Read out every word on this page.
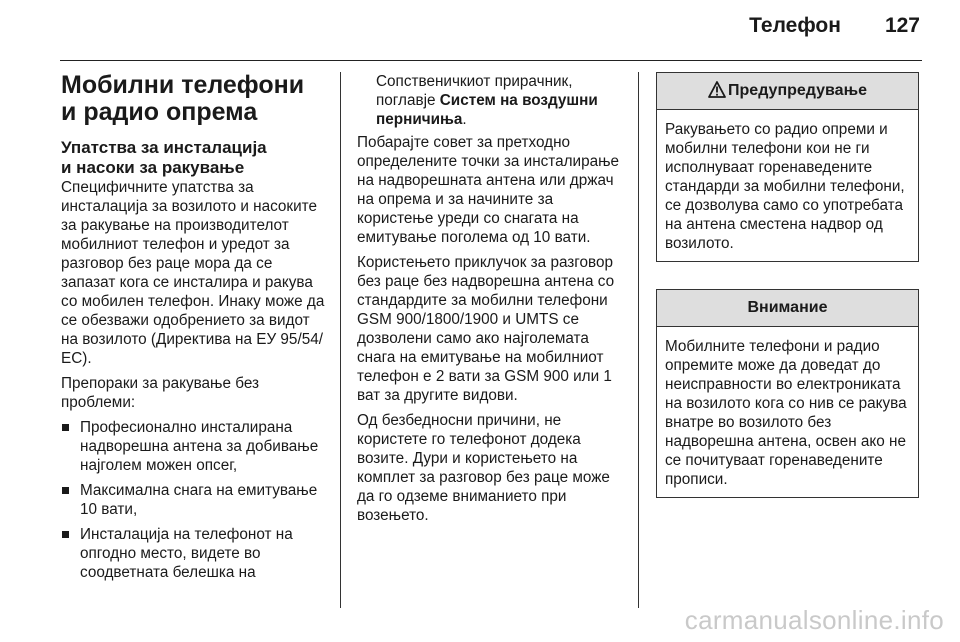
Телефон 127
Мобилни телефони
и радио опрема
Упатства за инсталација
и насоки за ракување

Специфичните упатства за инсталација за возилото и насоките за ракување на производителот мобилниот телефон и уредот за разговор без раце мора да се запазат кога се инсталира и ракува со мобилен телефон. Инаку може да се обезважи одобрението за видот на возилото (Директива на ЕУ 95/54/ЕС).

Препораки за ракување без проблеми:

Професионално инсталирана надворешна антена за добивање најголем можен опсег,
Максимална снага на емитување 10 вати,
Инсталација на телефонот на опгодно место, видете во соодветната белешка на
Сопственичкиот прирачник, поглавје Систем на воздушни перничиња.

Побарајте совет за претходно определените точки за инсталирање на надворешната антена или држач на опрема и за начините за користење уреди со снагата на емитување поголема од 10 вати.

Користењето приклучок за разговор без раце без надворешна антена со стандардите за мобилни телефони GSM 900/1800/1900 и UMTS се дозволени само ако најголемата снага на емитување на мобилниот телефон е 2 вати за GSM 900 или 1 ват за другите видови.

Од безбедносни причини, не користете го телефонот додека возите. Дури и користењето на комплет за разговор без раце може да го одземе вниманието при возењето.

Предупредување
Ракувањето со радио опреми и мобилни телефони кои не ги исполнуваат горенаведените стандарди за мобилни телефони, се дозволува само со употребата на антена сместена надвор од возилото.
Внимание
Мобилните телефони и радио опремите може да доведат до неисправности во електрониката на возилото кога со нив се ракува внатре во возилото без надворешна антена, освен ако не се почитуваат горенаведените прописи.
carmanualsonline.info
